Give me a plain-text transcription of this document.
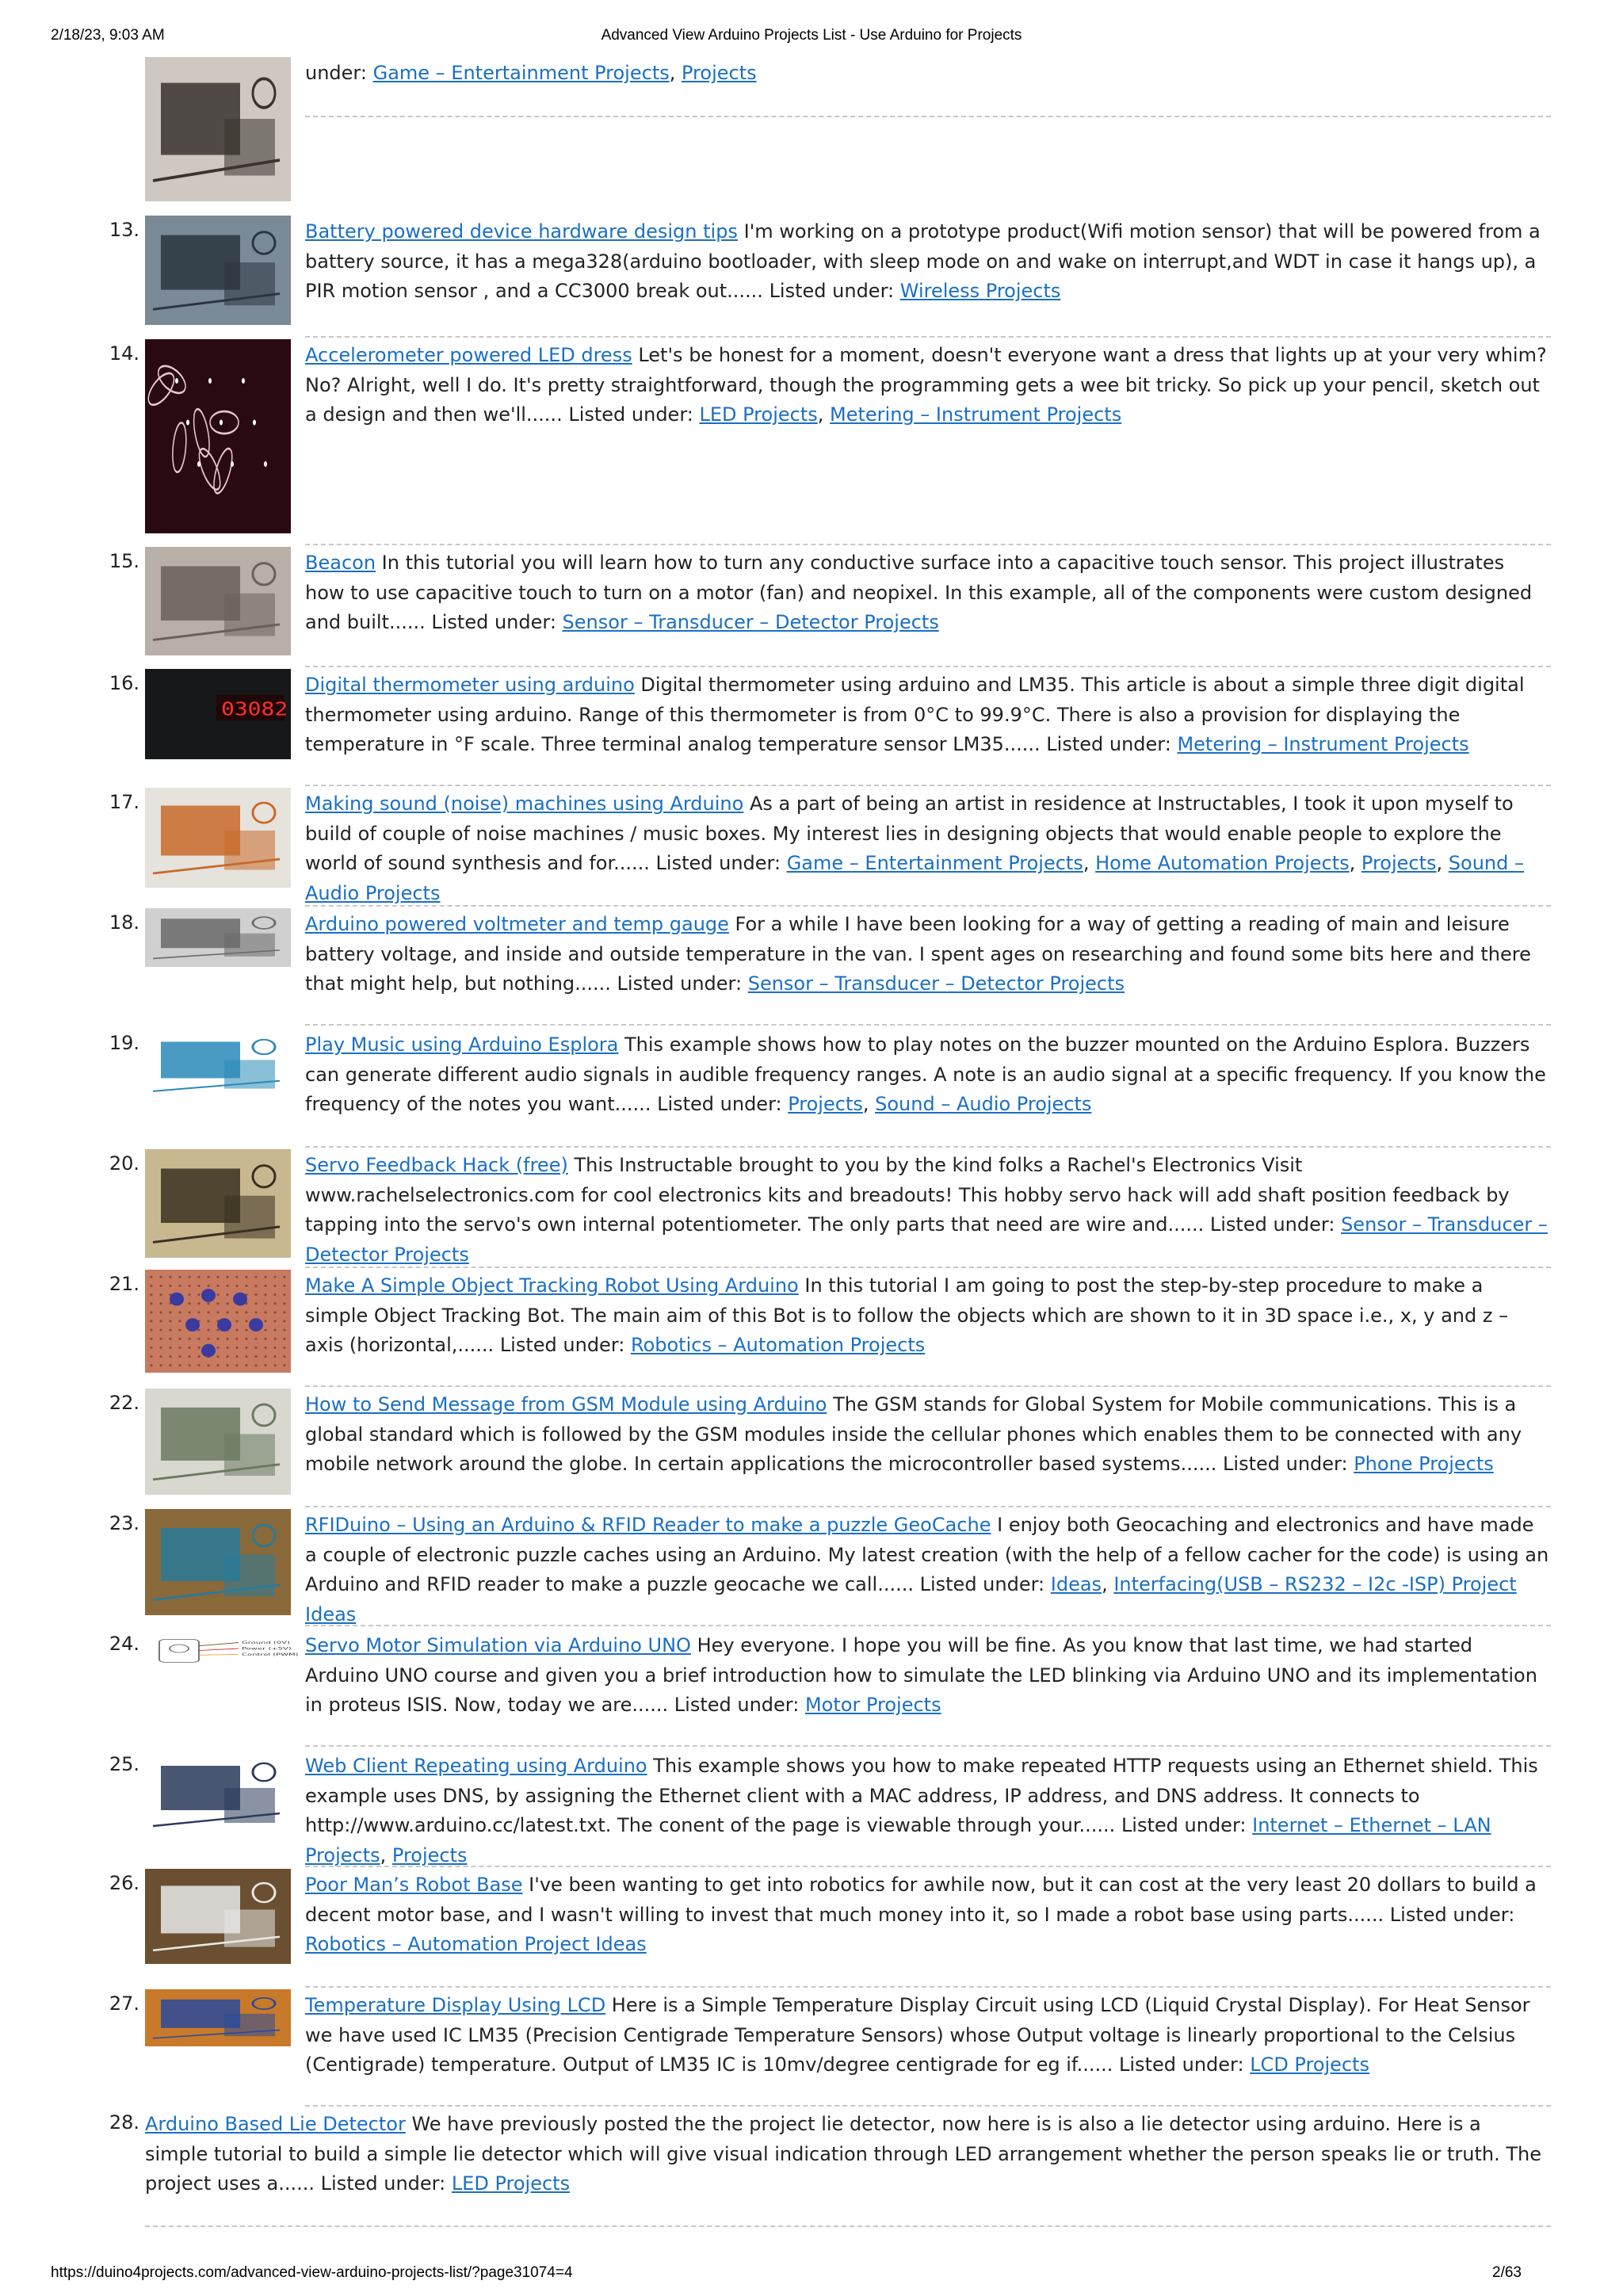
2/18/23, 9:03 AM	Advanced View Arduino Projects List - Use Arduino for Projects
under: Game – Entertainment Projects, Projects
13.	Battery powered device hardware design tips I'm working on a prototype product(Wifi motion sensor) that will be powered from a battery source, it has a mega328(arduino bootloader, with sleep mode on and wake on interrupt,and WDT in case it hangs up), a PIR motion sensor , and a CC3000 break out...... Listed under: Wireless Projects
14.	Accelerometer powered LED dress Let's be honest for a moment, doesn't everyone want a dress that lights up at your very whim? No? Alright, well I do. It's pretty straightforward, though the programming gets a wee bit tricky. So pick up your pencil, sketch out a design and then we'll...... Listed under: LED Projects, Metering – Instrument Projects
15.	Beacon In this tutorial you will learn how to turn any conductive surface into a capacitive touch sensor. This project illustrates how to use capacitive touch to turn on a motor (fan) and neopixel. In this example, all of the components were custom designed and built...... Listed under: Sensor – Transducer – Detector Projects
16.
03082
Digital thermometer using arduino Digital thermometer using arduino and LM35. This article is about a simple three digit digital thermometer using arduino. Range of this thermometer is from 0°C to 99.9°C. There is also a provision for displaying the temperature in °F scale. Three terminal analog temperature sensor LM35...... Listed under: Metering – Instrument Projects
17.	Making sound (noise) machines using Arduino As a part of being an artist in residence at Instructables, I took it upon myself to build of couple of noise machines / music boxes. My interest lies in designing objects that would enable people to explore the world of sound synthesis and for...... Listed under: Game – Entertainment Projects, Home Automation Projects, Projects, Sound – Audio Projects
18.	Arduino powered voltmeter and temp gauge For a while I have been looking for a way of getting a reading of main and leisure battery voltage, and inside and outside temperature in the van. I spent ages on researching and found some bits here and there that might help, but nothing...... Listed under: Sensor – Transducer – Detector Projects
19.	Play Music using Arduino Esplora This example shows how to play notes on the buzzer mounted on the Arduino Esplora. Buzzers can generate different audio signals in audible frequency ranges. A note is an audio signal at a specific frequency. If you know the frequency of the notes you want...... Listed under: Projects, Sound – Audio Projects
20.	Servo Feedback Hack (free) This Instructable brought to you by the kind folks a Rachel's Electronics Visit www.rachelselectronics.com for cool electronics kits and breadouts! This hobby servo hack will add shaft position feedback by tapping into the servo's own internal potentiometer. The only parts that need are wire and...... Listed under: Sensor – Transducer – Detector Projects
21.	Make A Simple Object Tracking Robot Using Arduino In this tutorial I am going to post the step-by-step procedure to make a simple Object Tracking Bot. The main aim of this Bot is to follow the objects which are shown to it in 3D space i.e., x, y and z – axis (horizontal,...... Listed under: Robotics – Automation Projects
22.	How to Send Message from GSM Module using Arduino The GSM stands for Global System for Mobile communications. This is a global standard which is followed by the GSM modules inside the cellular phones which enables them to be connected with any mobile network around the globe. In certain applications the microcontroller based systems...... Listed under: Phone Projects
23.	RFIDuino – Using an Arduino & RFID Reader to make a puzzle GeoCache I enjoy both Geocaching and electronics and have made a couple of electronic puzzle caches using an Arduino. My latest creation (with the help of a fellow cacher for the code) is using an Arduino and RFID reader to make a puzzle geocache we call...... Listed under: Ideas, Interfacing(USB – RS232 – I2c -ISP) Project Ideas
24.	Ground (0V)
Power (+5V)
Control (PWM) Servo Motor Simulation via Arduino UNO Hey everyone. I hope you will be fine. As you know that last time, we had started Arduino UNO course and given you a brief introduction how to simulate the LED blinking via Arduino UNO and its implementation in proteus ISIS. Now, today we are...... Listed under: Motor Projects
25.	Web Client Repeating using Arduino This example shows you how to make repeated HTTP requests using an Ethernet shield. This example uses DNS, by assigning the Ethernet client with a MAC address, IP address, and DNS address. It connects to http://www.arduino.cc/latest.txt. The conent of the page is viewable through your...... Listed under: Internet – Ethernet – LAN Projects, Projects
26.	Poor Man’s Robot Base I've been wanting to get into robotics for awhile now, but it can cost at the very least 20 dollars to build a decent motor base, and I wasn't willing to invest that much money into it, so I made a robot base using parts...... Listed under: Robotics – Automation Project Ideas
27.	Temperature Display Using LCD Here is a Simple Temperature Display Circuit using LCD (Liquid Crystal Display). For Heat Sensor we have used IC LM35 (Precision Centigrade Temperature Sensors) whose Output voltage is linearly proportional to the Celsius (Centigrade) temperature. Output of LM35 IC is 10mv/degree centigrade for eg if...... Listed under: LCD Projects
28. Arduino Based Lie Detector We have previously posted the the project lie detector, now here is is also a lie detector using arduino. Here is a simple tutorial to build a simple lie detector which will give visual indication through LED arrangement whether the person speaks lie or truth. The project uses a...... Listed under: LED Projects
https://duino4projects.com/advanced-view-arduino-projects-list/?page31074=4	2/63
